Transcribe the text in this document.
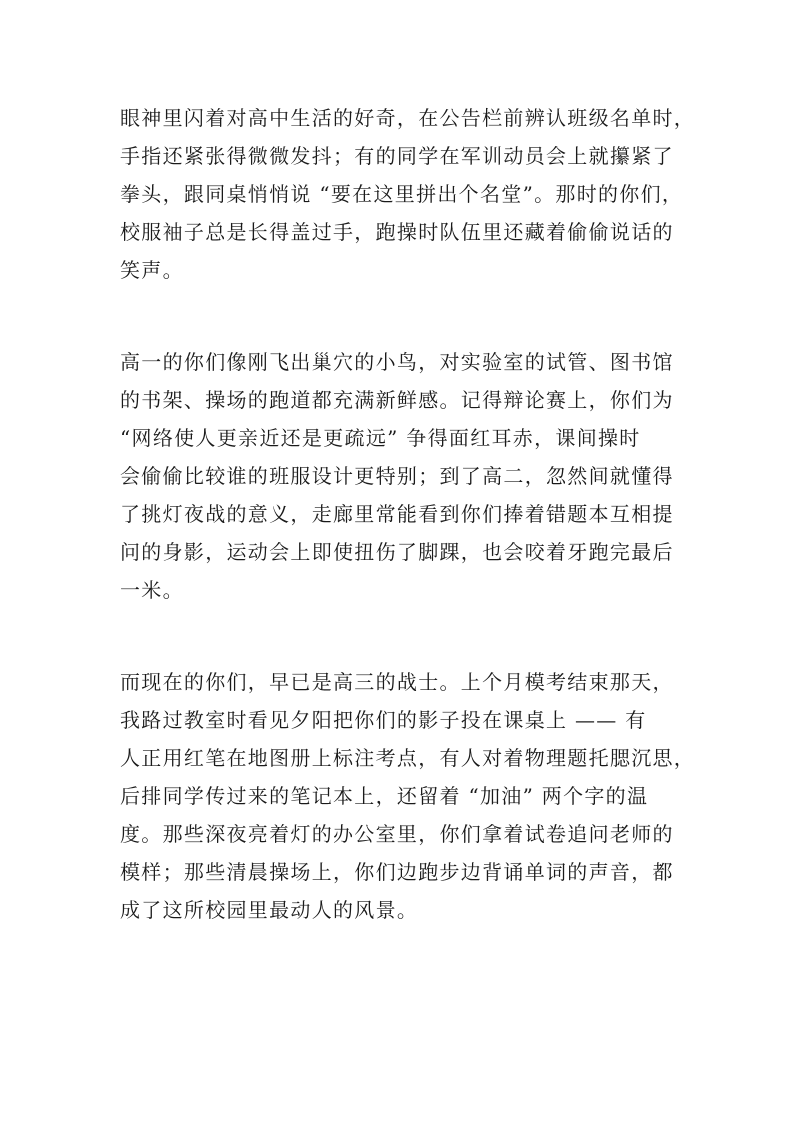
眼神里闪着对高中生活的好奇，在公告栏前辨认班级名单时，
手指还紧张得微微发抖；有的同学在军训动员会上就攥紧了
拳头，跟同桌悄悄说 “要在这里拼出个名堂”。那时的你们，
校服袖子总是长得盖过手，跑操时队伍里还藏着偷偷说话的
笑声。
高一的你们像刚飞出巢穴的小鸟，对实验室的试管、图书馆
的书架、操场的跑道都充满新鲜感。记得辩论赛上，你们为
“网络使人更亲近还是更疏远” 争得面红耳赤，课间操时
会偷偷比较谁的班服设计更特别；到了高二，忽然间就懂得
了挑灯夜战的意义，走廊里常能看到你们捧着错题本互相提
问的身影，运动会上即使扭伤了脚踝，也会咬着牙跑完最后
一米。
而现在的你们，早已是高三的战士。上个月模考结束那天，
我路过教室时看见夕阳把你们的影子投在课桌上 —— 有
人正用红笔在地图册上标注考点，有人对着物理题托腮沉思，
后排同学传过来的笔记本上，还留着 “加油” 两个字的温
度。那些深夜亮着灯的办公室里，你们拿着试卷追问老师的
模样；那些清晨操场上，你们边跑步边背诵单词的声音，都
成了这所校园里最动人的风景。
